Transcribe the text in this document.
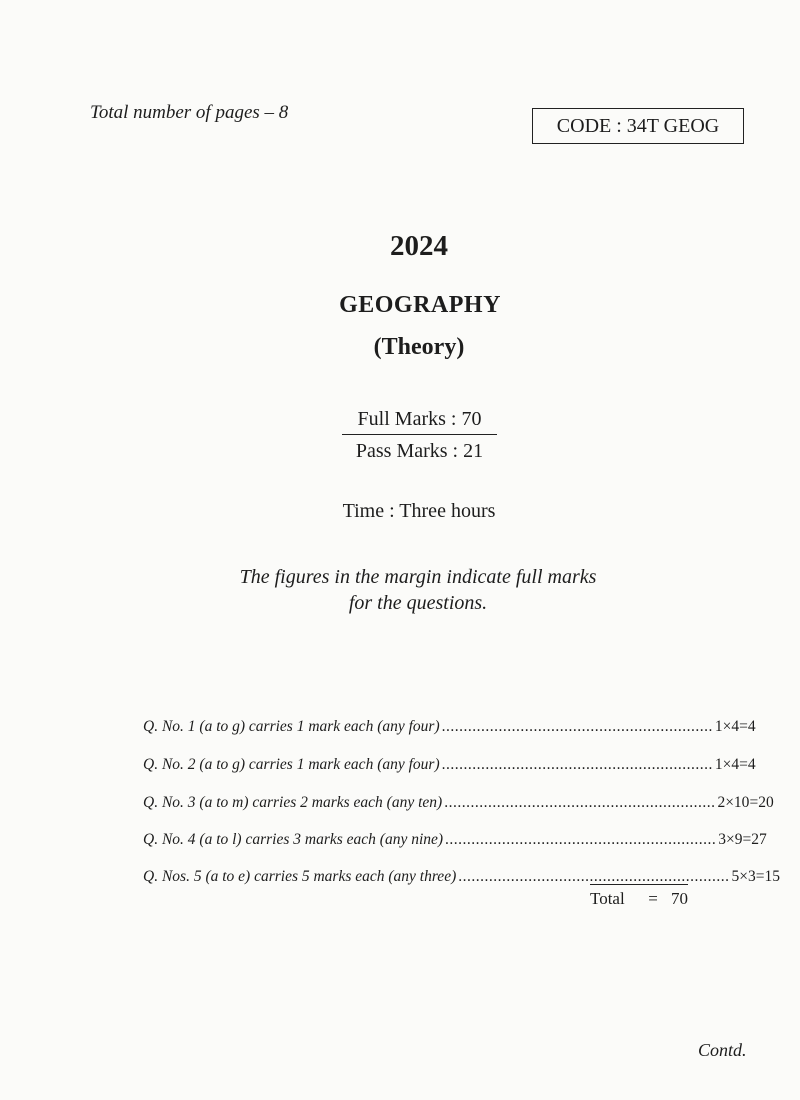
Total number of pages – 8
CODE : 34T GEOG
2024
GEOGRAPHY
(Theory)
Full Marks : 70
Pass Marks : 21
Time : Three hours
The figures in the margin indicate full marks
for the questions.
Q. No. 1 (a to g) carries 1 mark each (any four) .............................................................. 1×4 = 4
Q. No. 2 (a to g) carries 1 mark each (any four) .............................................................. 1×4 = 4
Q. No. 3 (a to m) carries 2 marks each (any ten) .............................................................. 2×10 = 20
Q. No. 4 (a to l) carries 3 marks each (any nine) .............................................................. 3×9 = 27
Q. Nos. 5 (a to e) carries 5 marks each (any three) .............................................................. 5×3 = 15
Total	= 70
Contd.
